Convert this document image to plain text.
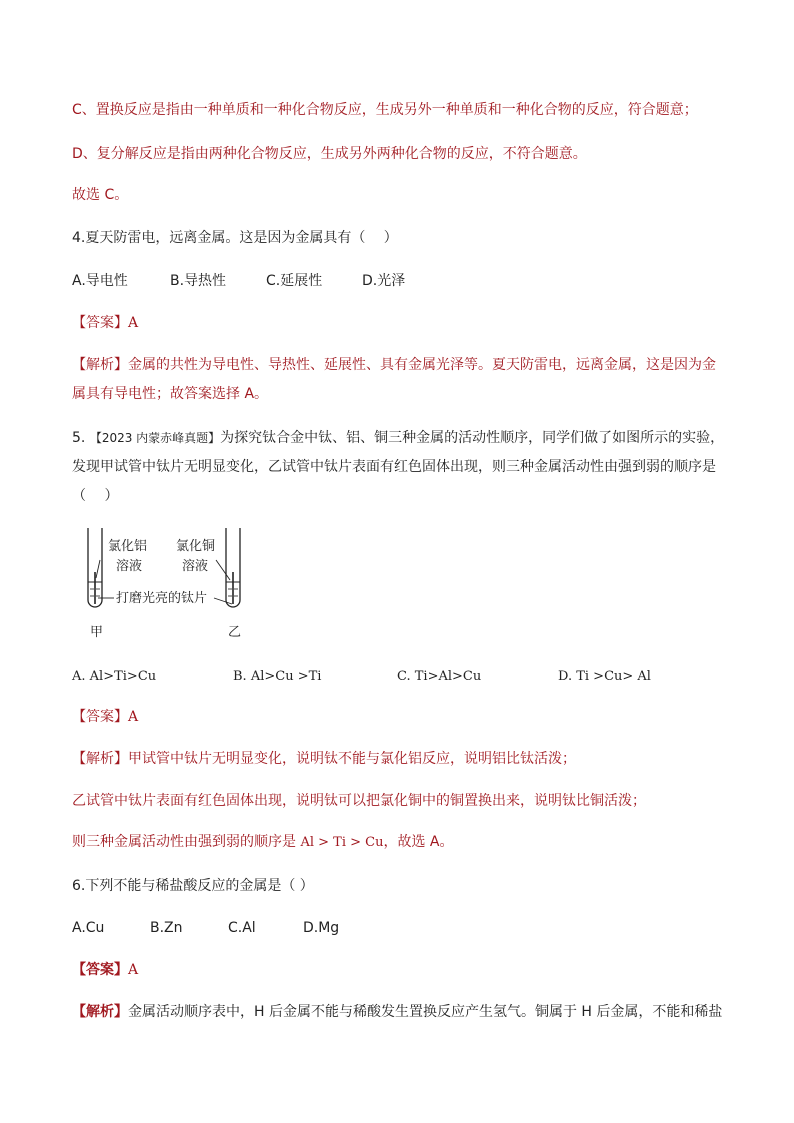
C、置换反应是指由一种单质和一种化合物反应，生成另外一种单质和一种化合物的反应，符合题意；
D、复分解反应是指由两种化合物反应，生成另外两种化合物的反应，不符合题意。
故选 C。
4.夏天防雷电，远离金属。这是因为金属具有（　 ）
A.导电性	B.导热性	C.延展性	D.光泽
【答案】A
【解析】金属的共性为导电性、导热性、延展性、具有金属光泽等。夏天防雷电，远离金属，这是因为金
属具有导电性；故答案选择 A。
5. 【2023 内蒙赤峰真题】为探究钛合金中钛、铝、铜三种金属的活动性顺序，同学们做了如图所示的实验，
发现甲试管中钛片无明显变化，乙试管中钛片表面有红色固体出现，则三种金属活动性由强到弱的顺序是
（　 ）
氯化铝
溶液
氯化铜
溶液
打磨光亮的钛片
甲	乙
A. Al>Ti>Cu	B. Al>Cu >Ti	C. Ti>Al>Cu	D. Ti >Cu> Al
【答案】A
【解析】甲试管中钛片无明显变化，说明钛不能与氯化铝反应，说明铝比钛活泼；
乙试管中钛片表面有红色固体出现，说明钛可以把氯化铜中的铜置换出来，说明钛比铜活泼；
则三种金属活动性由强到弱的顺序是 Al > Ti > Cu，故选 A。
6.下列不能与稀盐酸反应的金属是（ ）
A.Cu	B.Zn	C.Al	D.Mg
【答案】A
【解析】金属活动顺序表中，H 后金属不能与稀酸发生置换反应产生氢气。铜属于 H 后金属，不能和稀盐
